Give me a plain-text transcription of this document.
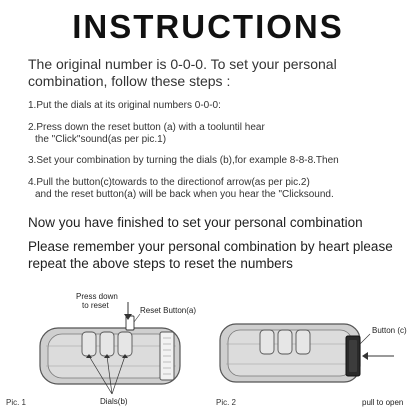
INSTRUCTIONS
The original number is 0-0-0. To set your personal combination, follow these steps :
1.Put the dials at its original numbers 0-0-0:
2.Press down the reset button (a) with a tooluntil hear
the "Click"sound(as per pic.1)
3.Set your combination by turning the dials (b),for example 8-8-8.Then
4.Pull the button(c)towards to the directionof arrow(as per pic.2)
and the reset button(a) will be back when you hear the "Clicksound.
Now you have finished to set your personal combination
Please remember your personal combination by heart please repeat the above steps to reset the numbers
Press down
to reset
Reset Button(a)
Dials(b)
Pic. 1
Button (c)
pull to open
Pic. 2
